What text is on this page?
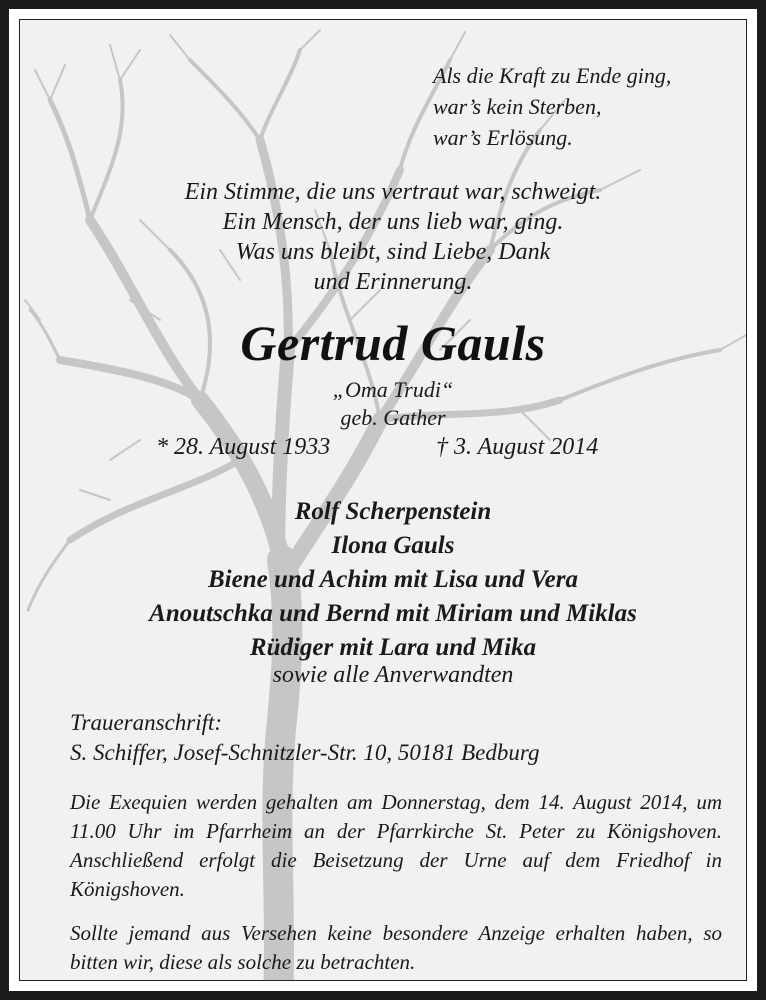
Als die Kraft zu Ende ging,
war’s kein Sterben,
war’s Erlösung.
Ein Stimme, die uns vertraut war, schweigt.
Ein Mensch, der uns lieb war, ging.
Was uns bleibt, sind Liebe, Dank
und Erinnerung.
Gertrud Gauls
„Oma Trudi“
geb. Gather
* 28. August 1933	† 3. August 2014
Rolf Scherpenstein
Ilona Gauls
Biene und Achim mit Lisa und Vera
Anoutschka und Bernd mit Miriam und Miklas
Rüdiger mit Lara und Mika
sowie alle Anverwandten
Traueranschrift:
S. Schiffer, Josef-Schnitzler-Str. 10, 50181 Bedburg
Die Exequien werden gehalten am Donnerstag, dem 14. August 2014, um 11.00 Uhr im Pfarrheim an der Pfarrkirche St. Peter zu Königshoven. Anschließend erfolgt die Beisetzung der Urne auf dem Friedhof in Königshoven.
Sollte jemand aus Versehen keine besondere Anzeige erhalten haben, so bitten wir, diese als solche zu betrachten.
